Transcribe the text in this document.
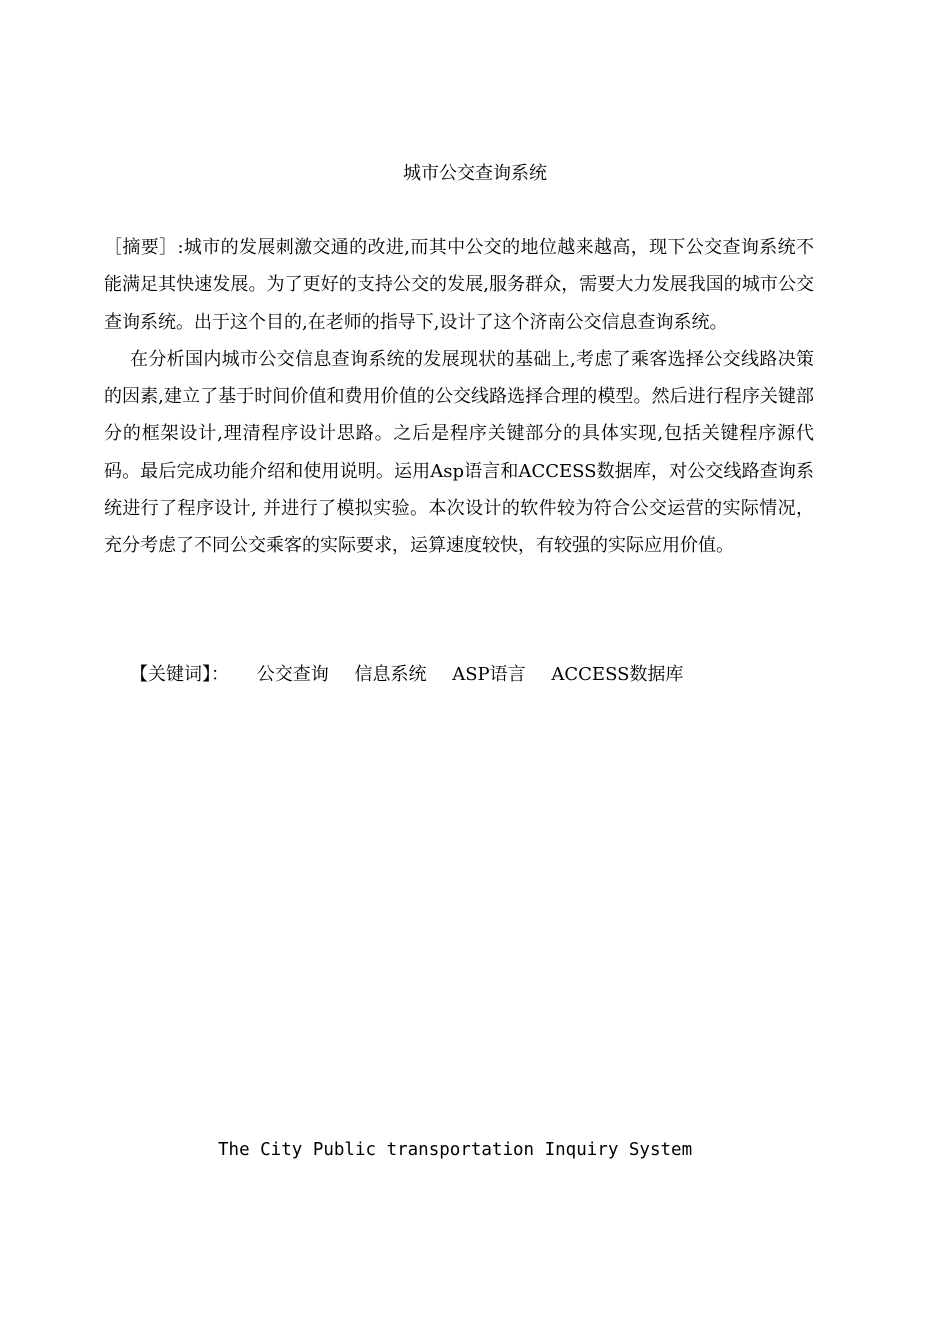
城市公交查询系统

［摘要］:城市的发展刺激交通的改进,而其中公交的地位越来越高，现下公交查询系统不能满足其快速发展。为了更好的支持公交的发展,服务群众，需要大力发展我国的城市公交查询系统。出于这个目的,在老师的指导下,设计了这个济南公交信息查询系统。

在分析国内城市公交信息查询系统的发展现状的基础上,考虑了乘客选择公交线路决策的因素,建立了基于时间价值和费用价值的公交线路选择合理的模型。然后进行程序关键部分的框架设计,理清程序设计思路。之后是程序关键部分的具体实现,包括关键程序源代码。最后完成功能介绍和使用说明。运用Asp语言和ACCESS数据库，对公交线路查询系统进行了程序设计, 并进行了模拟实验。本次设计的软件较为符合公交运营的实际情况，充分考虑了不同公交乘客的实际要求，运算速度较快，有较强的实际应用价值。

【关键词】： 公交查询 信息系统 ASP语言 ACCESS数据库
The City Public transportation Inquiry System
